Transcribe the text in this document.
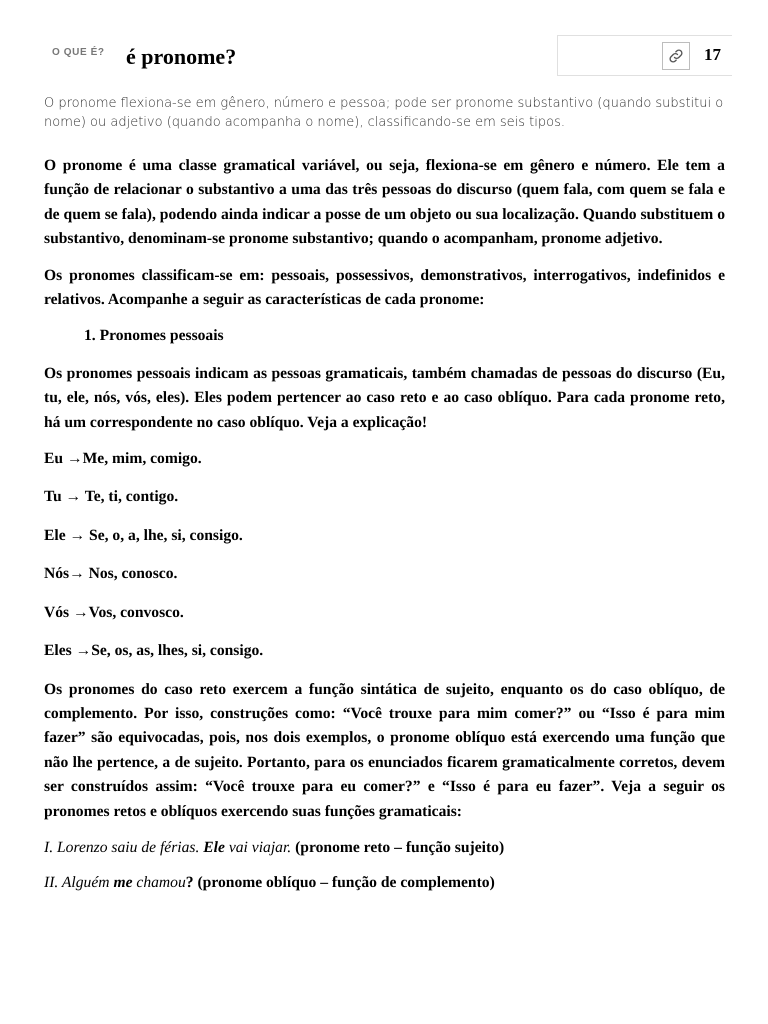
é pronome?
O QUE É?	17
O pronome flexiona-se em gênero, número e pessoa; pode ser pronome substantivo (quando substitui o nome) ou adjetivo (quando acompanha o nome), classificando-se em seis tipos.

O pronome é uma classe gramatical variável, ou seja, flexiona-se em gênero e número. Ele tem a função de relacionar o substantivo a uma das três pessoas do discurso (quem fala, com quem se fala e de quem se fala), podendo ainda indicar a posse de um objeto ou sua localização. Quando substituem o substantivo, denominam-se pronome substantivo; quando o acompanham, pronome adjetivo.

Os pronomes classificam-se em: pessoais, possessivos, demonstrativos, interrogativos, indefinidos e relativos. Acompanhe a seguir as características de cada pronome:

1. Pronomes pessoais

Os pronomes pessoais indicam as pessoas gramaticais, também chamadas de pessoas do discurso (Eu, tu, ele, nós, vós, eles). Eles podem pertencer ao caso reto e ao caso oblíquo. Para cada pronome reto, há um correspondente no caso oblíquo. Veja a explicação!

Eu →Me, mim, comigo.

Tu → Te, ti, contigo.

Ele → Se, o, a, lhe, si, consigo.

Nós→ Nos, conosco.

Vós →Vos, convosco.

Eles →Se, os, as, lhes, si, consigo.

Os pronomes do caso reto exercem a função sintática de sujeito, enquanto os do caso oblíquo, de complemento. Por isso, construções como: “Você trouxe para mim comer?” ou “Isso é para mim fazer” são equivocadas, pois, nos dois exemplos, o pronome oblíquo está exercendo uma função que não lhe pertence, a de sujeito. Portanto, para os enunciados ficarem gramaticalmente corretos, devem ser construídos assim: “Você trouxe para eu comer?” e “Isso é para eu fazer”. Veja a seguir os pronomes retos e oblíquos exercendo suas funções gramaticais:

I. Lorenzo saiu de férias. Ele vai viajar. (pronome reto – função sujeito)

II. Alguém me chamou? (pronome oblíquo – função de complemento)
